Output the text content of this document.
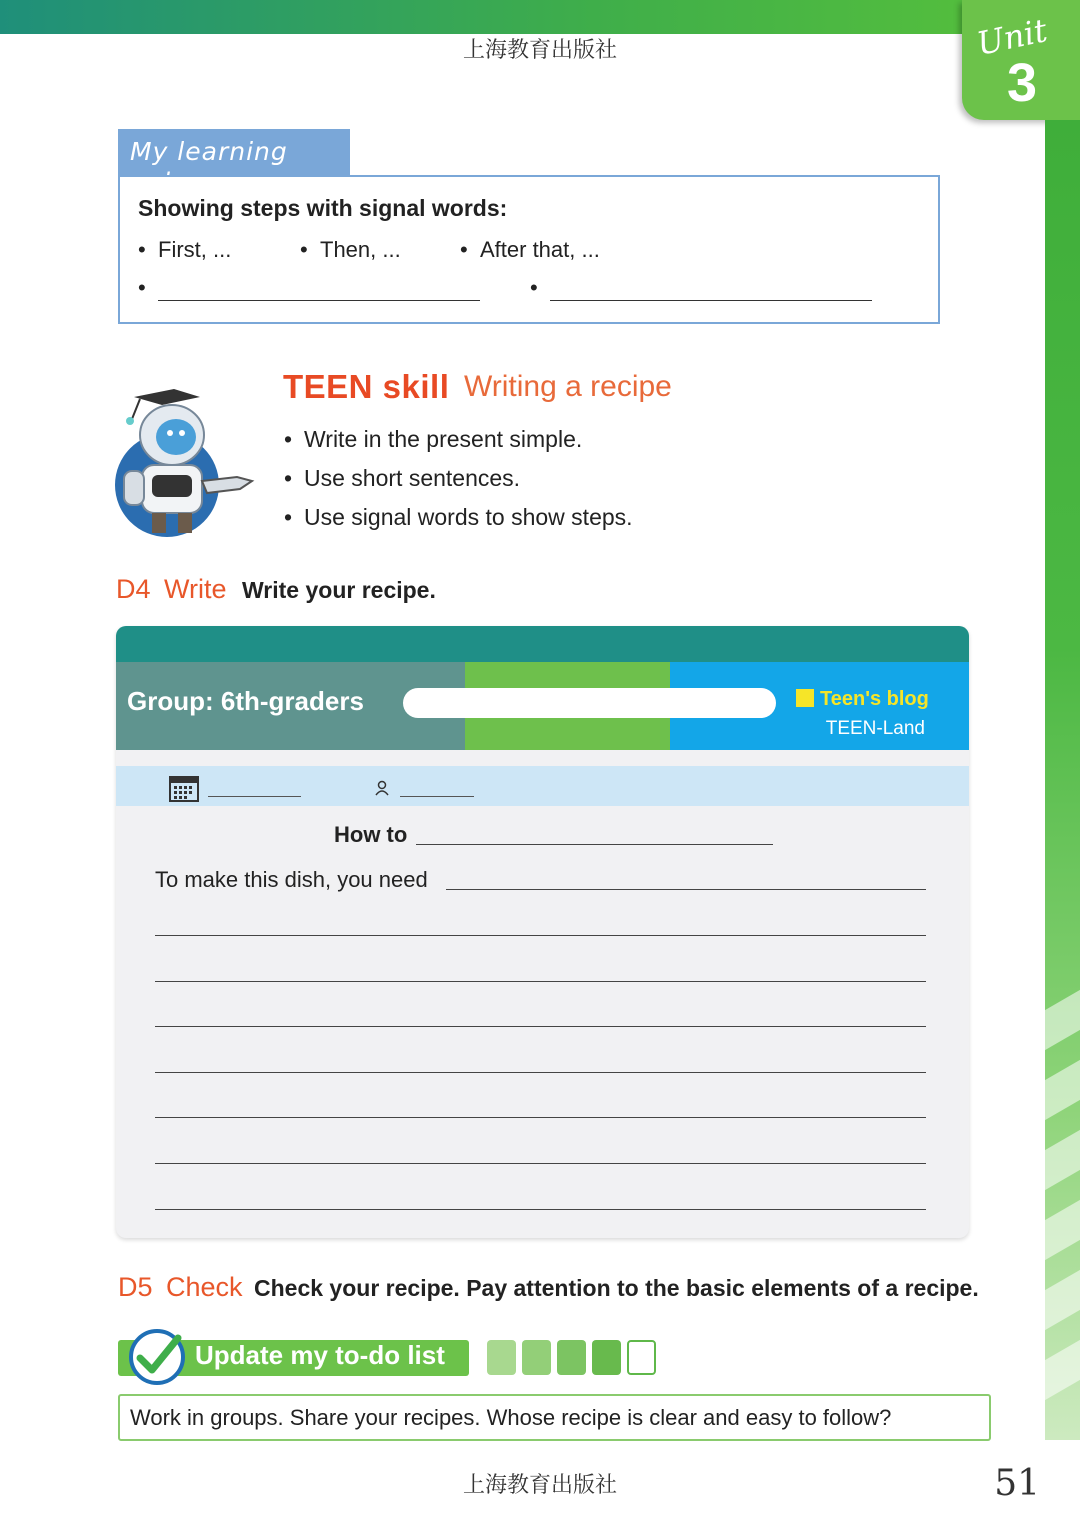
上海教育出版社	Unit
3
My learning
Showing steps with signal words:
• First, ...	• Then, ...	• After that, ...
•	•
TEEN skill Writing a recipe
• Write in the present simple.
• Use short sentences.
• Use signal words to show steps.
D4 Write Write your recipe.
Group: 6th-graders	Teen's blog
TEEN-Land
How to
To make this dish, you need
D5 Check Check your recipe. Pay attention to the basic elements of a recipe.
Update my to-do list
Work in groups. Share your recipes. Whose recipe is clear and easy to follow?
上海教育出版社	51
